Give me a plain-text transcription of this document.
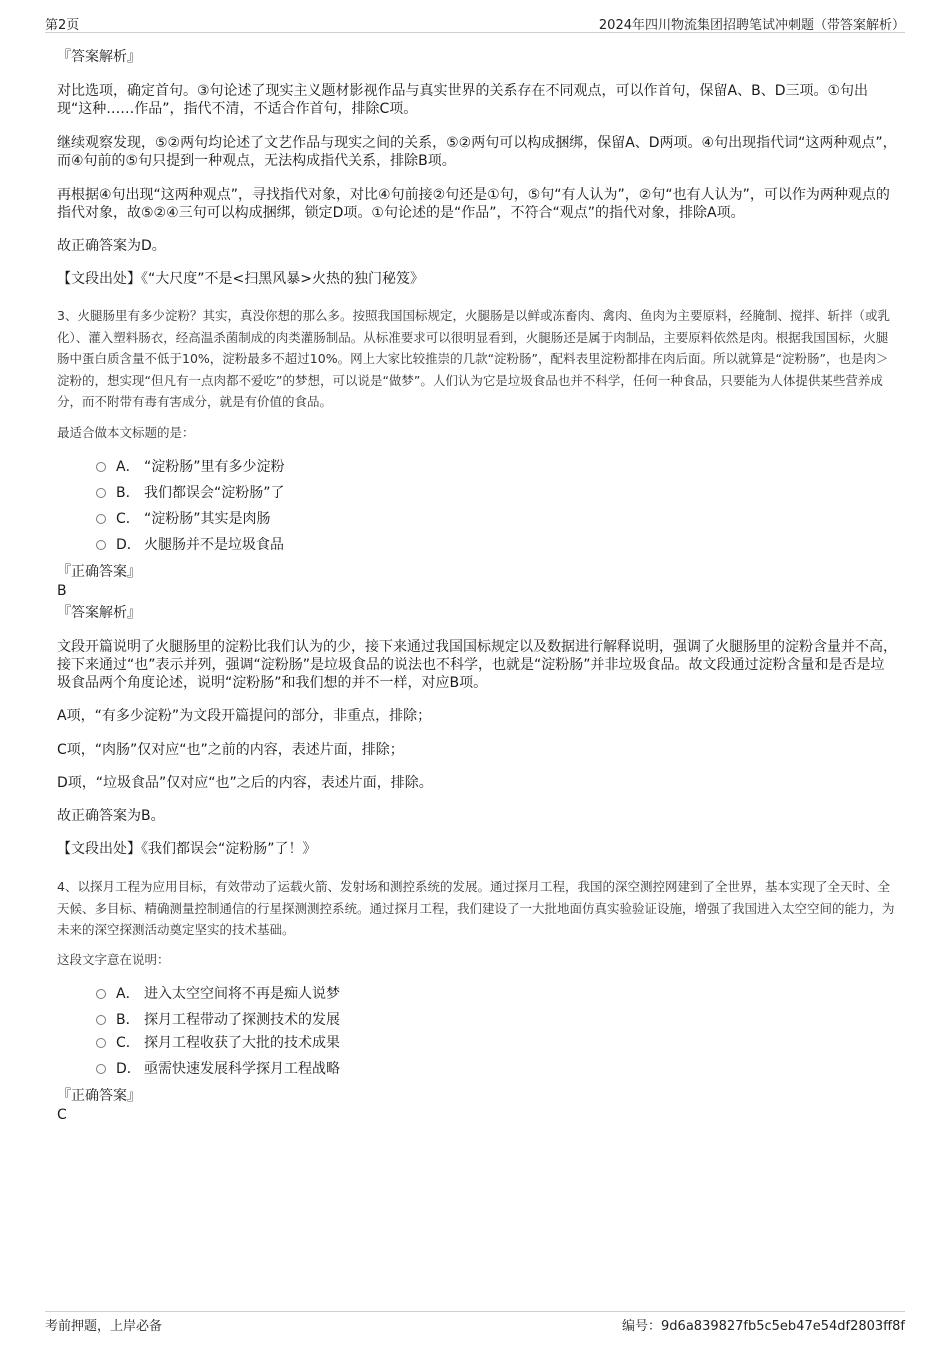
第2页	2024年四川物流集团招聘笔试冲刺题（带答案解析）
『答案解析』
对比选项，确定首句。③句论述了现实主义题材影视作品与真实世界的关系存在不同观点，可以作首句，保留A、B、D三项。①句出现“这种……作品”，指代不清，不适合作首句，排除C项。
继续观察发现，⑤②两句均论述了文艺作品与现实之间的关系，⑤②两句可以构成捆绑，保留A、D两项。④句出现指代词“这两种观点”，而④句前的⑤句只提到一种观点，无法构成指代关系，排除B项。
再根据④句出现“这两种观点”，寻找指代对象，对比④句前接②句还是①句，⑤句“有人认为”，②句“也有人认为”，可以作为两种观点的指代对象，故⑤②④三句可以构成捆绑，锁定D项。①句论述的是“作品”，不符合“观点”的指代对象，排除A项。
故正确答案为D。
【文段出处】《“大尺度”不是<扫黑风暴>火热的独门秘笈》
3、火腿肠里有多少淀粉？其实，真没你想的那么多。按照我国国标规定，火腿肠是以鲜或冻畜肉、禽肉、鱼肉为主要原料，经腌制、搅拌、斩拌（或乳化）、灌入塑料肠衣，经高温杀菌制成的肉类灌肠制品。从标准要求可以很明显看到，火腿肠还是属于肉制品，主要原料依然是肉。根据我国国标，火腿肠中蛋白质含量不低于10%，淀粉最多不超过10%。网上大家比较推崇的几款“淀粉肠”，配料表里淀粉都排在肉后面。所以就算是“淀粉肠”，也是肉＞淀粉的，想实现“但凡有一点肉都不爱吃”的梦想，可以说是“做梦”。人们认为它是垃圾食品也并不科学，任何一种食品，只要能为人体提供某些营养成分，而不附带有毒有害成分，就是有价值的食品。
最适合做本文标题的是：
A． “淀粉肠”里有多少淀粉
B． 我们都误会“淀粉肠”了
C． “淀粉肠”其实是肉肠
D． 火腿肠并不是垃圾食品
『正确答案』
B
『答案解析』
文段开篇说明了火腿肠里的淀粉比我们认为的少，接下来通过我国国标规定以及数据进行解释说明，强调了火腿肠里的淀粉含量并不高，接下来通过“也”表示并列，强调“淀粉肠”是垃圾食品的说法也不科学，也就是“淀粉肠”并非垃圾食品。故文段通过淀粉含量和是否是垃圾食品两个角度论述，说明“淀粉肠”和我们想的并不一样，对应B项。
A项，“有多少淀粉”为文段开篇提问的部分，非重点，排除；
C项，“肉肠”仅对应“也”之前的内容，表述片面，排除；
D项，“垃圾食品”仅对应“也”之后的内容，表述片面，排除。
故正确答案为B。
【文段出处】《我们都误会“淀粉肠”了！》
4、以探月工程为应用目标，有效带动了运载火箭、发射场和测控系统的发展。通过探月工程，我国的深空测控网建到了全世界，基本实现了全天时、全天候、多目标、精确测量控制通信的行星探测测控系统。通过探月工程，我们建设了一大批地面仿真实验验证设施，增强了我国进入太空空间的能力，为未来的深空探测活动奠定坚实的技术基础。
这段文字意在说明：
A． 进入太空空间将不再是痴人说梦
B． 探月工程带动了探测技术的发展
C． 探月工程收获了大批的技术成果
D． 亟需快速发展科学探月工程战略
『正确答案』
C
考前押题，上岸必备	编号：9d6a839827fb5c5eb47e54df2803ff8f
